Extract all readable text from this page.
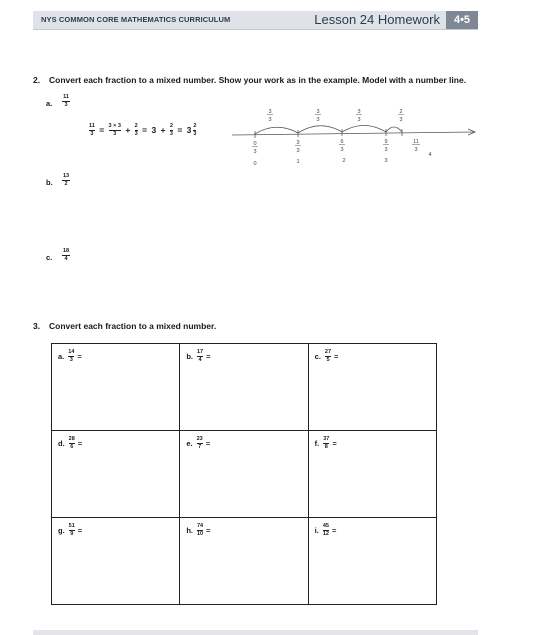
NYS COMMON CORE MATHEMATICS CURRICULUM	Lesson 24 Homework	4•5
2. Convert each fraction to a mixed number. Show your work as in the example. Model with a number line.
a.
11
3
$\frac{11}{3} = \frac{3 \times 3}{3} + \frac{2}{3} = 3 + \frac{2}{3} = 3 \frac{2}{3}$
3
3
3
3
3
3
2
3
0
3
3
3
6
3
9
3
11
3
0	1	2	3
4
b.
13
2
c.
18
4
3. Convert each fraction to a mixed number.
a. $\frac{14}{3}$ =	b. $\frac{17}{4}$ =	c. $\frac{27}{5}$ =

d. $\frac{28}{6}$ =	e. $\frac{23}{7}$ =	f. $\frac{37}{8}$ =

g. $\frac{51}{9}$ =	h. $\frac{74}{10}$ =	i. $\frac{45}{12}$ =
